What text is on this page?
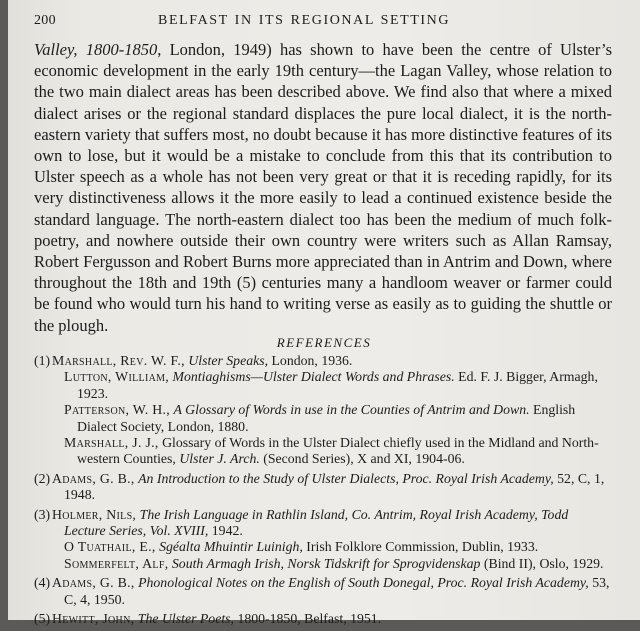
200	BELFAST IN ITS REGIONAL SETTING

Valley, 1800-1850, London, 1949) has shown to have been the centre of Ulster’s economic development in the early 19th century—the Lagan Valley, whose relation to the two main dialect areas has been described above. We find also that where a mixed dialect arises or the regional standard displaces the pure local dialect, it is the north-eastern variety that suffers most, no doubt because it has more distinctive features of its own to lose, but it would be a mistake to conclude from this that its contribution to Ulster speech as a whole has not been very great or that it is receding rapidly, for its very distinctiveness allows it the more easily to lead a continued existence beside the standard language. The north-eastern dialect too has been the medium of much folk-poetry, and nowhere outside their own country were writers such as Allan Ramsay, Robert Fergusson and Robert Burns more appreciated than in Antrim and Down, where throughout the 18th and 19th (5) centuries many a handloom weaver or farmer could be found who would turn his hand to writing verse as easily as to guiding the shuttle or the plough.

REFERENCES
(1) Marshall, Rev. W. F., Ulster Speaks, London, 1936.

Lutton, William, Montiaghisms—Ulster Dialect Words and Phrases. Ed. F. J. Bigger, Armagh, 1923.

Patterson, W. H., A Glossary of Words in use in the Counties of Antrim and Down. English Dialect Society, London, 1880.

Marshall, J. J., Glossary of Words in the Ulster Dialect chiefly used in the Midland and North-western Counties, Ulster J. Arch. (Second Series), X and XI, 1904-06.

(2) Adams, G. B., An Introduction to the Study of Ulster Dialects, Proc. Royal Irish Academy, 52, C, 1, 1948.

(3) Holmer, Nils, The Irish Language in Rathlin Island, Co. Antrim, Royal Irish Academy, Todd Lecture Series, Vol. XVIII, 1942.

O Tuathail, E., Sgéalta Mhuintir Luinigh, Irish Folklore Commission, Dublin, 1933.

Sommerfelt, Alf, South Armagh Irish, Norsk Tidskrift for Sprogvidenskap (Bind II), Oslo, 1929.

(4) Adams, G. B., Phonological Notes on the English of South Donegal, Proc. Royal Irish Academy, 53, C, 4, 1950.

(5) Hewitt, John, The Ulster Poets, 1800-1850, Belfast, 1951.
